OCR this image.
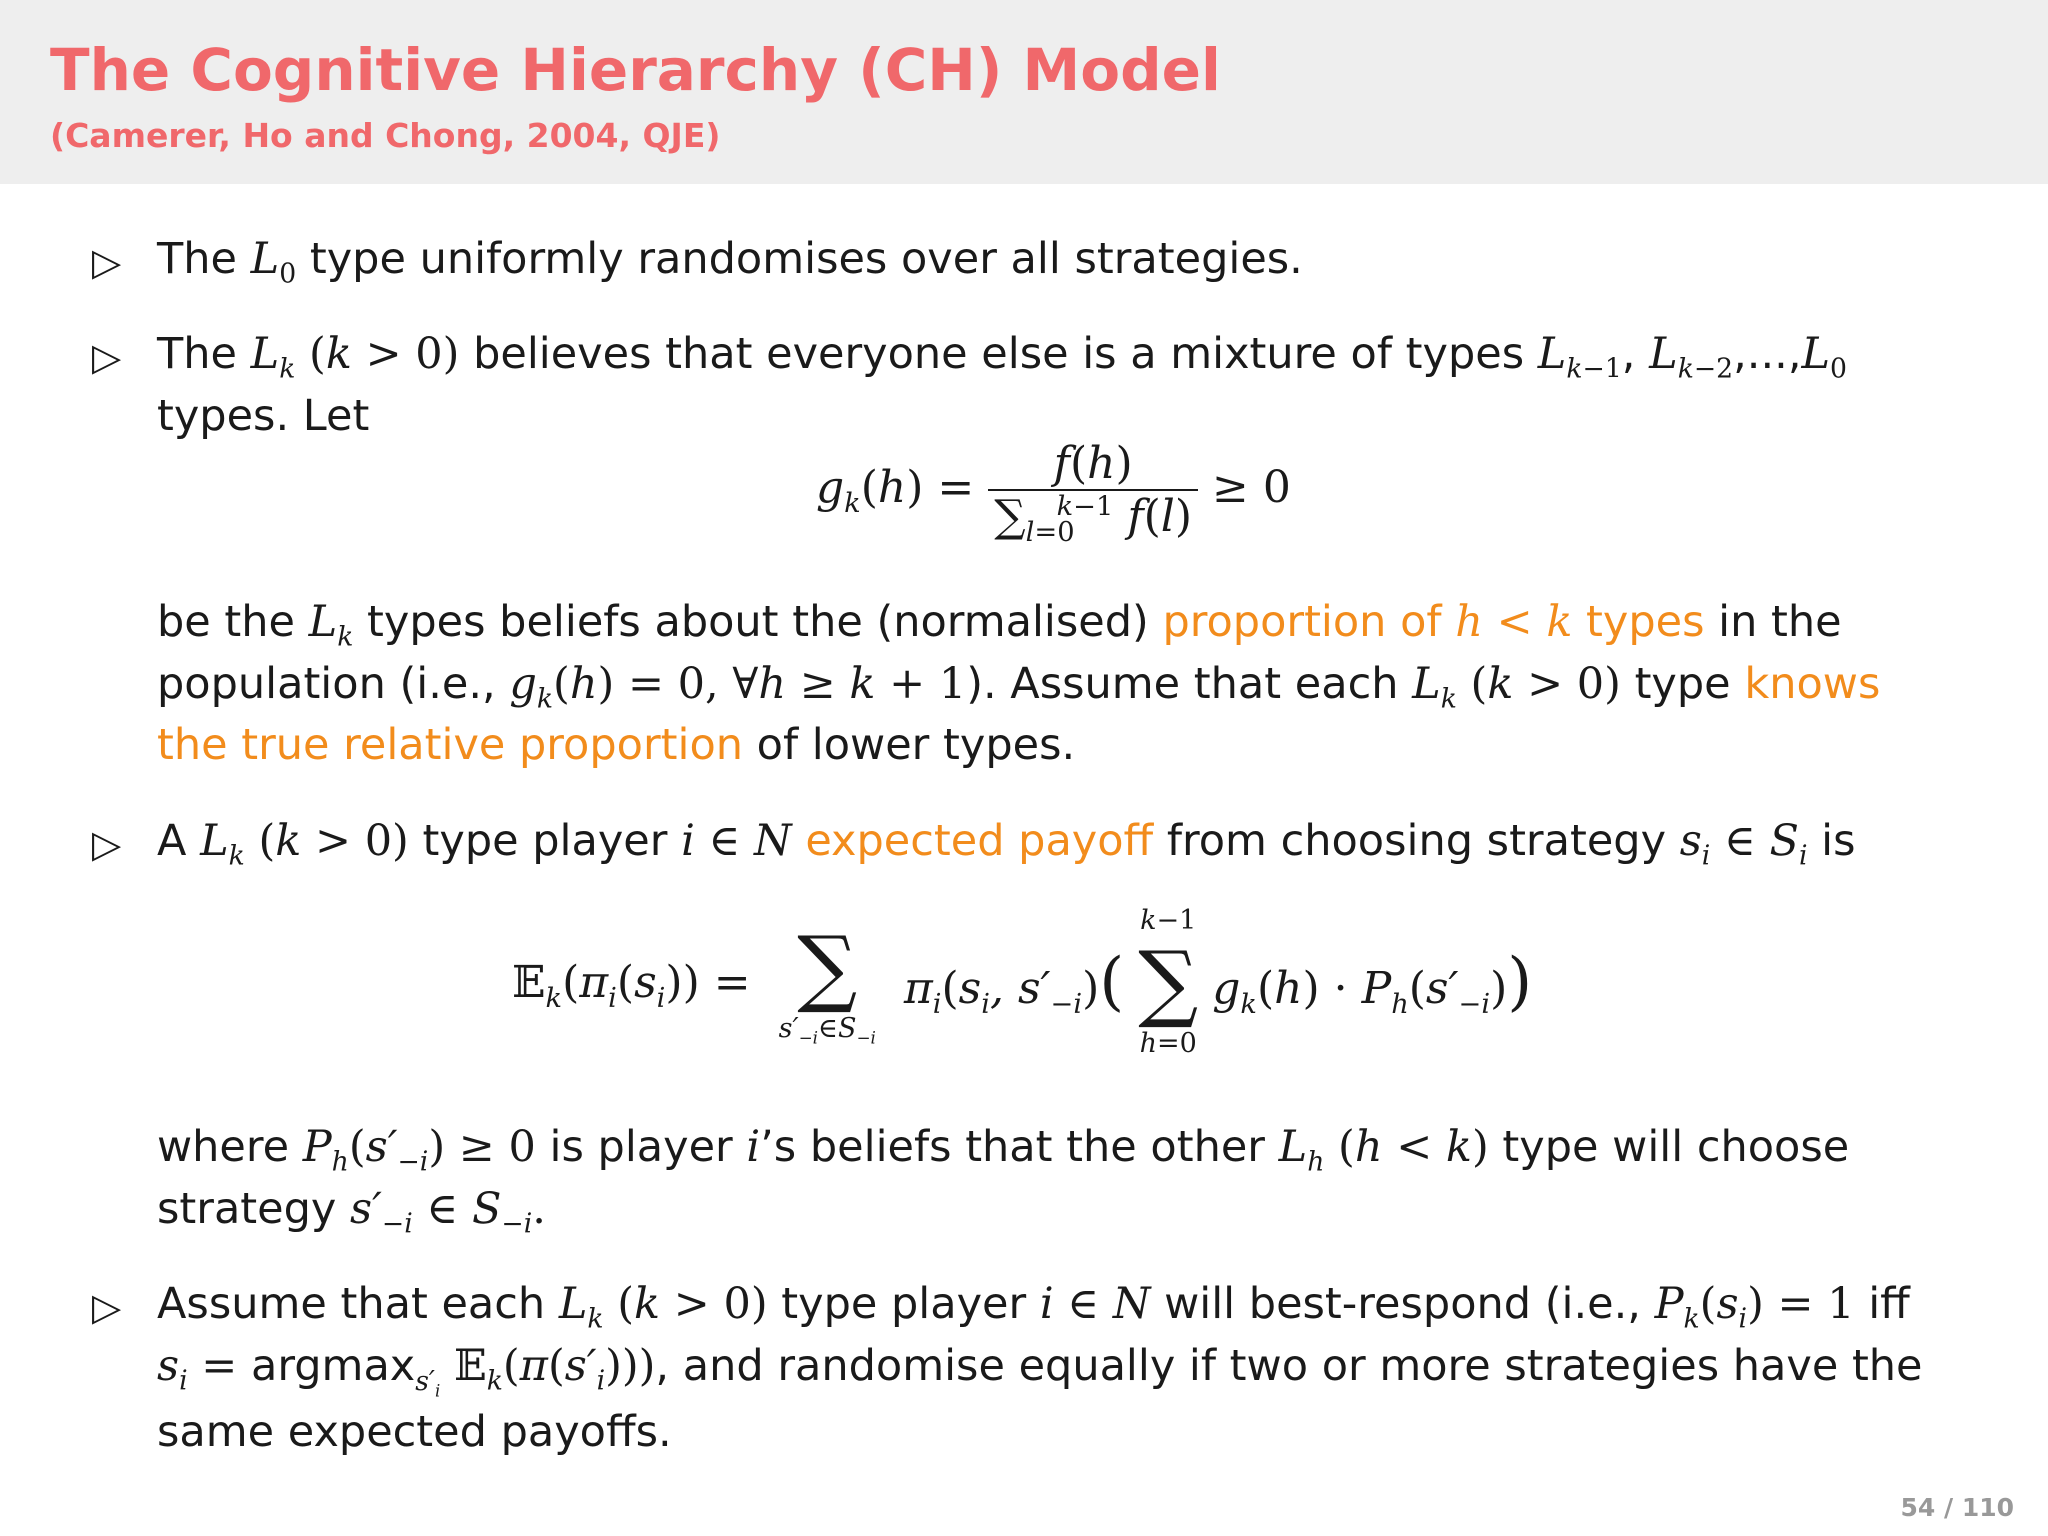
The Cognitive Hierarchy (CH) Model
(Camerer, Ho and Chong, 2004, QJE)
▷ The $L_0$ type uniformly randomises over all strategies.
▷ The $L_k$ (k > 0) believes that everyone else is a mixture of types $L_{k-1}$, $L_{k-2},...,L_0$
types. Let
$g_k(h) = \frac{f(h)}{\sum_{l=0}^{k-1} f(l)} \ge 0$
be the $L_k$ types beliefs about the (normalised) proportion of h < k types in the
population (i.e., $g_k(h) = 0$, ∀h ≥ k + 1). Assume that each $L_k$ (k > 0) type knows
the true relative proportion of lower types.
▷ A $L_k$ (k > 0) type player i ∈ N expected payoff from choosing strategy $s_i$ ∈ $S_i$ is
$𝔼_k(\pi_i(s_i))$ = ∑
$s'_{-i}\in S_{-i}$
$\pi_i(s_i$, $s'_{-i}$)(
k−1
∑
h=0
$g_k(h) \cdot P_h(s'_{-i})$)
where $P_h(s'_{-i}) \ge 0$ is player i’s beliefs that the other $L_h$ (h < k) type will choose
strategy $s'_{-i}$ ∈ $S_{-i}$.
▷ Assume that each $L_k$ (k > 0) type player i ∈ N will best-respond (i.e., $P_k(s_i) = 1$ iff
$s_i = argmax_{s'_i}$ $𝔼_k(\pi(s'_i))$), and randomise equally if two or more strategies have the
same expected payoffs.
54 / 110
